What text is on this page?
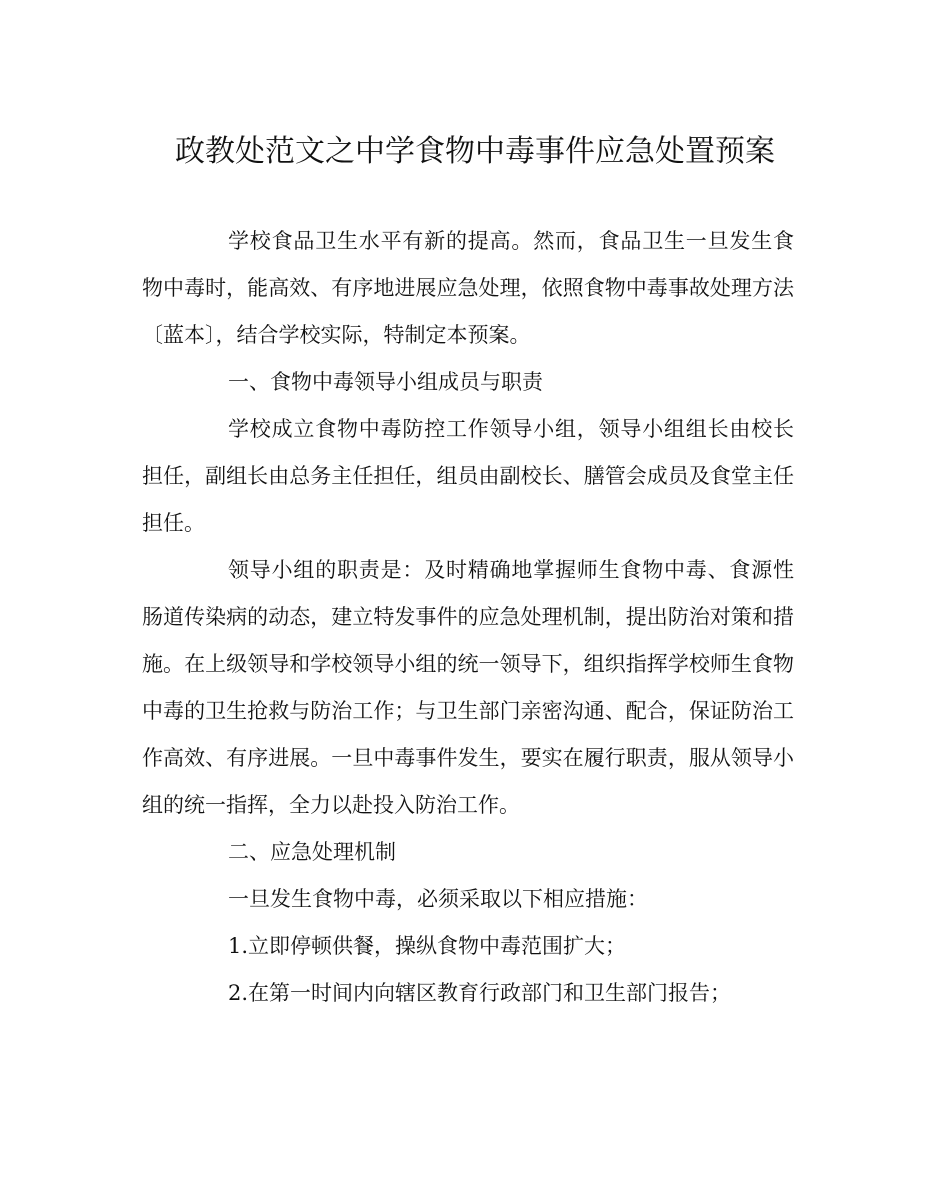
政教处范文之中学食物中毒事件应急处置预案

学校食品卫生水平有新的提高。然而，食品卫生一旦发生食物中毒时，能高效、有序地进展应急处理，依照食物中毒事故处理方法〔蓝本〕，结合学校实际，特制定本预案。

一、食物中毒领导小组成员与职责

学校成立食物中毒防控工作领导小组，领导小组组长由校长担任，副组长由总务主任担任，组员由副校长、膳管会成员及食堂主任担任。

领导小组的职责是：及时精确地掌握师生食物中毒、食源性肠道传染病的动态，建立特发事件的应急处理机制，提出防治对策和措施。在上级领导和学校领导小组的统一领导下，组织指挥学校师生食物中毒的卫生抢救与防治工作；与卫生部门亲密沟通、配合，保证防治工作高效、有序进展。一旦中毒事件发生，要实在履行职责，服从领导小组的统一指挥，全力以赴投入防治工作。

二、应急处理机制

一旦发生食物中毒，必须采取以下相应措施：

1.立即停顿供餐，操纵食物中毒范围扩大；

2.在第一时间内向辖区教育行政部门和卫生部门报告；
